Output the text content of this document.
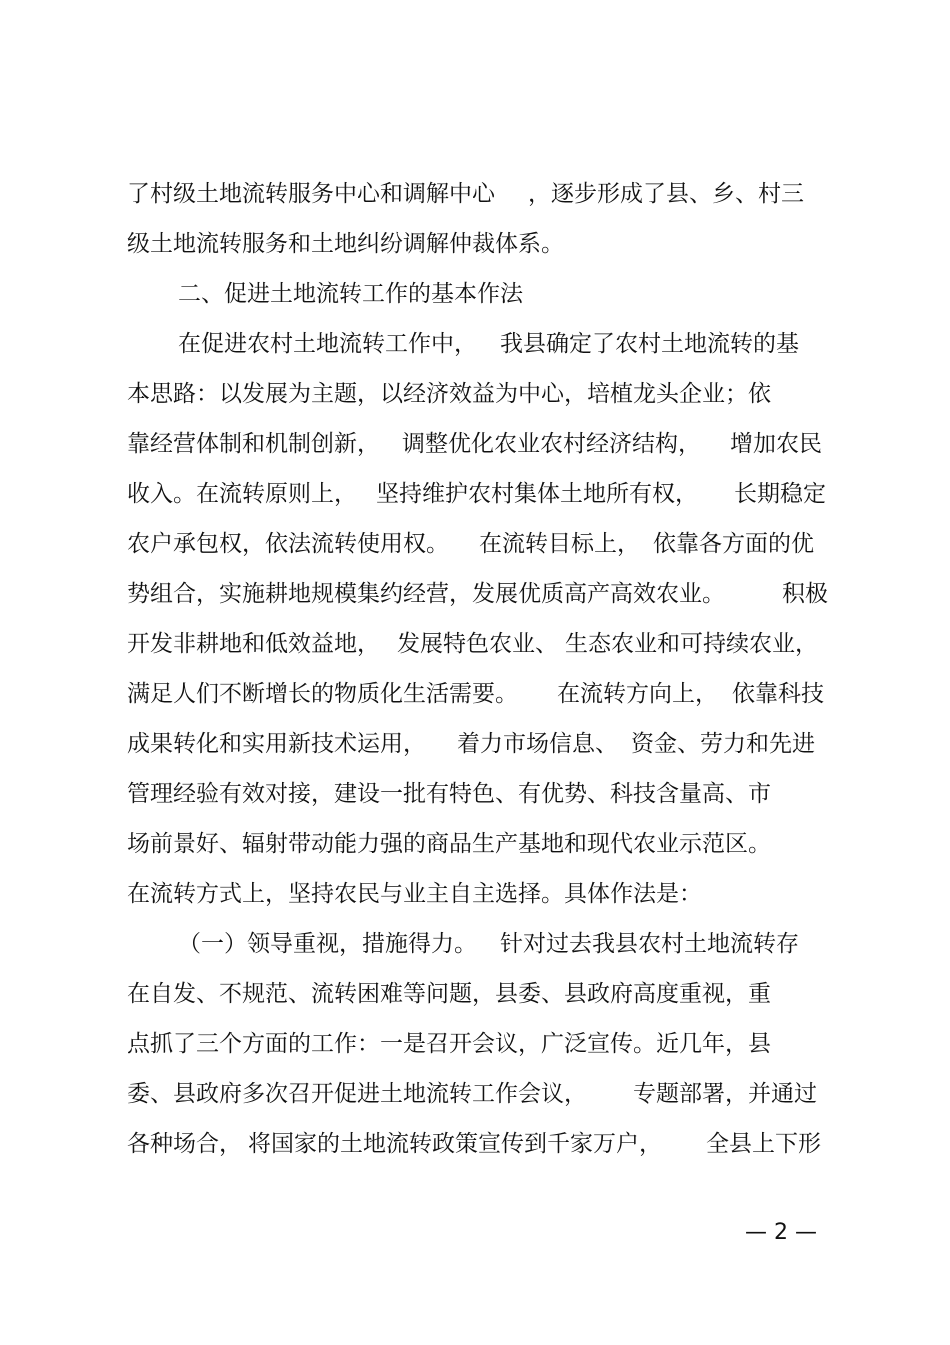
了村级土地流转服务中心和调解中心

，逐步形成了县、乡、村三

级土地流转服务和土地纠纷调解仲裁体系。

二、促进土地流转工作的基本作法

在促进农村土地流转工作中，

我县确定了农村土地流转的基

本思路：以发展为主题，以经济效益为中心，培植龙头企业；依

靠经营体制和机制创新，

调整优化农业农村经济结构，

增加农民

收入。在流转原则上，

坚持维护农村集体土地所有权，

长期稳定

农户承包权，依法流转使用权。

在流转目标上，

依靠各方面的优

势组合，实施耕地规模集约经营，发展优质高产高效农业。

积极

开发非耕地和低效益地，

发展特色农业、

生态农业和可持续农业，

满足人们不断增长的物质化生活需要。

在流转方向上，

依靠科技

成果转化和实用新技术运用，

着力市场信息、

资金、劳力和先进

管理经验有效对接，建设一批有特色、有优势、科技含量高、市

场前景好、辐射带动能力强的商品生产基地和现代农业示范区。

在流转方式上，坚持农民与业主自主选择。具体作法是：

（一）领导重视，措施得力。

针对过去我县农村土地流转存

在自发、不规范、流转困难等问题，县委、县政府高度重视，重

点抓了三个方面的工作：一是召开会议，广泛宣传。近几年，县

委、县政府多次召开促进土地流转工作会议，

专题部署，并通过

各种场合，

将国家的土地流转政策宣传到千家万户，

全县上下形

— 2 —
